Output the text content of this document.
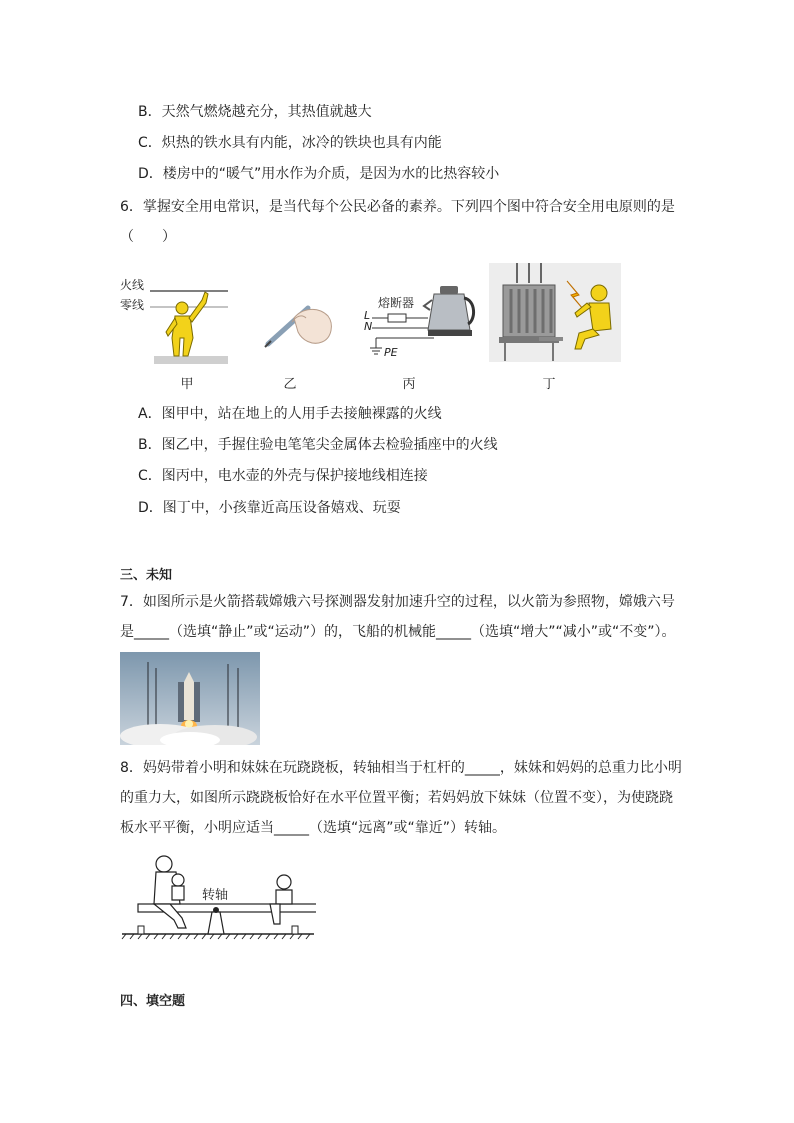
B．天然气燃烧越充分，其热值就越大
C．炽热的铁水具有内能，冰冷的铁块也具有内能
D．楼房中的“暖气”用水作为介质，是因为水的比热容较小
6．掌握安全用电常识，是当代每个公民必备的素养。下列四个图中符合安全用电原则的是
（　　）
火线
零线
甲	乙
熔断器
L
N
PE
丙	丁
A．图甲中，站在地上的人用手去接触裸露的火线
B．图乙中，手握住验电笔笔尖金属体去检验插座中的火线
C．图丙中，电水壶的外壳与保护接地线相连接
D．图丁中，小孩靠近高压设备嬉戏、玩耍
三、未知
7．如图所示是火箭搭载嫦娥六号探测器发射加速升空的过程，以火箭为参照物，嫦娥六号
是_____（选填“静止”或“运动”）的，飞船的机械能_____（选填“增大”“减小”或“不变”）。
8．妈妈带着小明和妹妹在玩跷跷板，转轴相当于杠杆的_____，妹妹和妈妈的总重力比小明
的重力大，如图所示跷跷板恰好在水平位置平衡；若妈妈放下妹妹（位置不变），为使跷跷
板水平平衡，小明应适当_____（选填“远离”或“靠近”）转轴。
转轴
四、填空题
